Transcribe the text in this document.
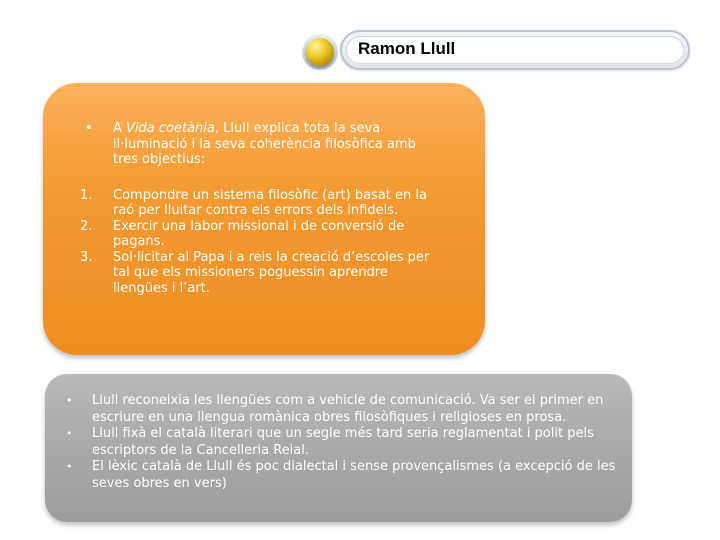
Ramon Llull
• A Vida coetània, Llull explica tota la seva il·luminació i la seva coherència filosòfica amb tres objectius:
1. Compondre un sistema filosòfic (art) basat en la raó per lluitar contra els errors dels infidels.
2. Exercir una labor missional i de conversió de pagans.
3. Sol·licitar al Papa i a reis la creació d’escoles per tal que els missioners poguessin aprendre llengües i l’art.
• Llull reconeixia les llengües com a vehicle de comunicació. Va ser el primer en escriure en una llengua romànica obres filosòfiques i religioses en prosa.
• Llull fixà el català literari que un segle més tard seria reglamentat i polit pels escriptors de la Cancelleria Reial.
• El lèxic català de Llull és poc dialectal i sense provençalismes (a excepció de les seves obres en vers)
